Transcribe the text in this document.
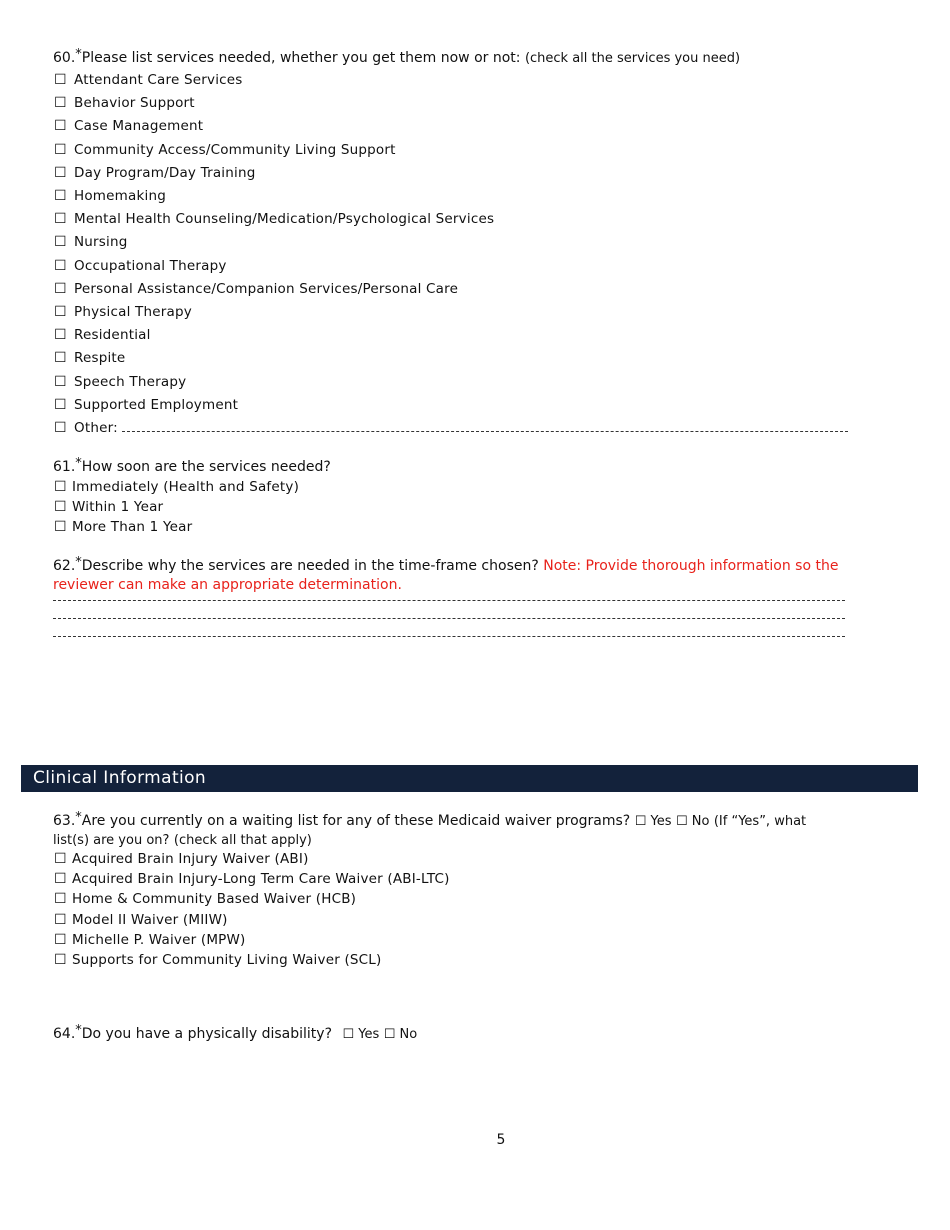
60.*Please list services needed, whether you get them now or not: (check all the services you need)
☐ Attendant Care Services
☐ Behavior Support
☐ Case Management
☐ Community Access/Community Living Support
☐ Day Program/Day Training
☐ Homemaking
☐ Mental Health Counseling/Medication/Psychological Services
☐ Nursing
☐ Occupational Therapy
☐ Personal Assistance/Companion Services/Personal Care
☐ Physical Therapy
☐ Residential
☐ Respite
☐ Speech Therapy
☐ Supported Employment
☐ Other:
61.*How soon are the services needed?
☐ Immediately (Health and Safety)
☐ Within 1 Year
☐ More Than 1 Year
62.*Describe why the services are needed in the time-frame chosen? Note: Provide thorough information so the
reviewer can make an appropriate determination.
Clinical Information
63.*Are you currently on a waiting list for any of these Medicaid waiver programs? ☐ Yes ☐ No (If “Yes”, what
list(s) are you on? (check all that apply)
☐ Acquired Brain Injury Waiver (ABI)
☐ Acquired Brain Injury-Long Term Care Waiver (ABI-LTC)
☐ Home & Community Based Waiver (HCB)
☐ Model II Waiver (MIIW)
☐ Michelle P. Waiver (MPW)
☐ Supports for Community Living Waiver (SCL)
64.*Do you have a physically disability? ☐ Yes ☐ No
5
